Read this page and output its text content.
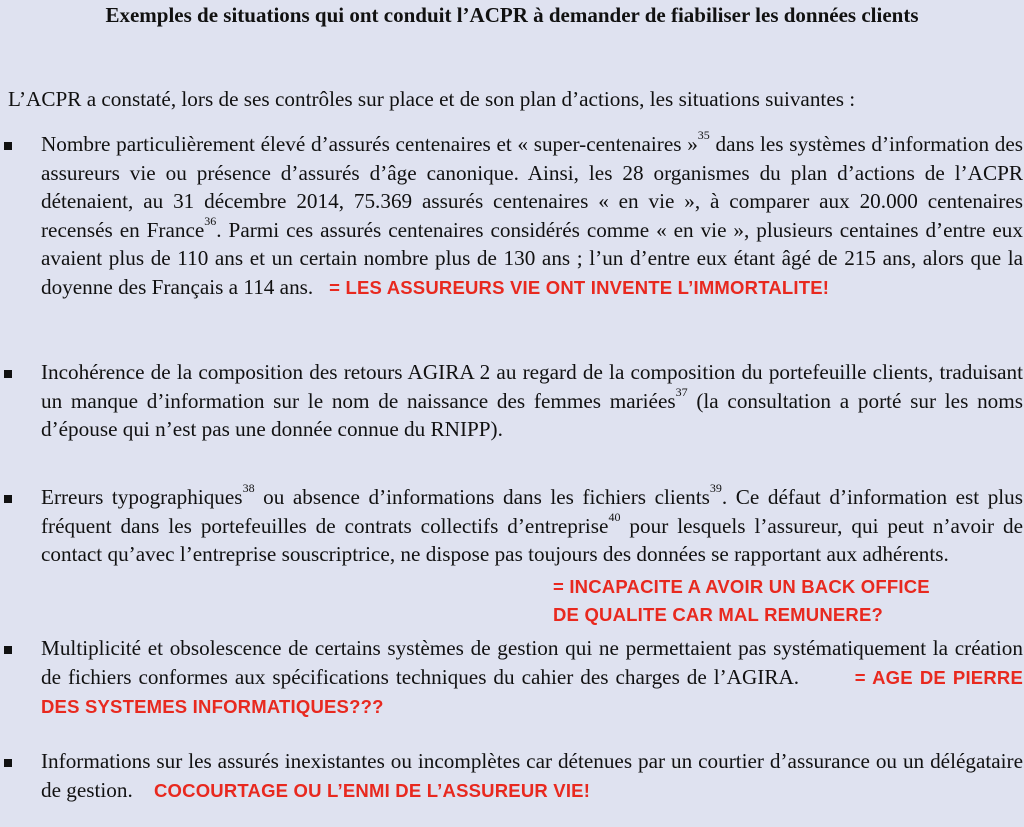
Exemples de situations qui ont conduit l’ACPR à demander de fiabiliser les données clients
L’ACPR a constaté, lors de ses contrôles sur place et de son plan d’actions, les situations suivantes :
Nombre particulièrement élevé d’assurés centenaires et « super-centenaires »$^{35}$ dans les systèmes d’information des assureurs vie ou présence d’assurés d’âge canonique. Ainsi, les 28 organismes du plan d’actions de l’ACPR détenaient, au 31 décembre 2014, 75.369 assurés centenaires « en vie », à comparer aux 20.000 centenaires recensés en France$^{36}$. Parmi ces assurés centenaires considérés comme « en vie », plusieurs centaines d’entre eux avaient plus de 110 ans et un certain nombre plus de 130 ans ; l’un d’entre eux étant âgé de 215 ans, alors que la doyenne des Français a 114 ans. = LES ASSUREURS VIE ONT INVENTE L’IMMORTALITE!
Incohérence de la composition des retours AGIRA 2 au regard de la composition du portefeuille clients, traduisant un manque d’information sur le nom de naissance des femmes mariées$^{37}$ (la consultation a porté sur les noms d’épouse qui n’est pas une donnée connue du RNIPP).
Erreurs typographiques$^{38}$ ou absence d’informations dans les fichiers clients$^{39}$. Ce défaut d’information est plus fréquent dans les portefeuilles de contrats collectifs d’entreprise$^{40}$ pour lesquels l’assureur, qui peut n’avoir de contact qu’avec l’entreprise souscriptrice, ne dispose pas toujours des données se rapportant aux adhérents.
= INCAPACITE A AVOIR UN BACK OFFICE
DE QUALITE CAR MAL REMUNERE?
Multiplicité et obsolescence de certains systèmes de gestion qui ne permettaient pas systématiquement la création de fichiers conformes aux spécifications techniques du cahier des charges de l’AGIRA.	= AGE DE PIERRE DES SYSTEMES INFORMATIQUES???
Informations sur les assurés inexistantes ou incomplètes car détenues par un courtier d’assurance ou un délégataire de gestion. COCOURTAGE OU L’ENMI DE L’ASSUREUR VIE!
